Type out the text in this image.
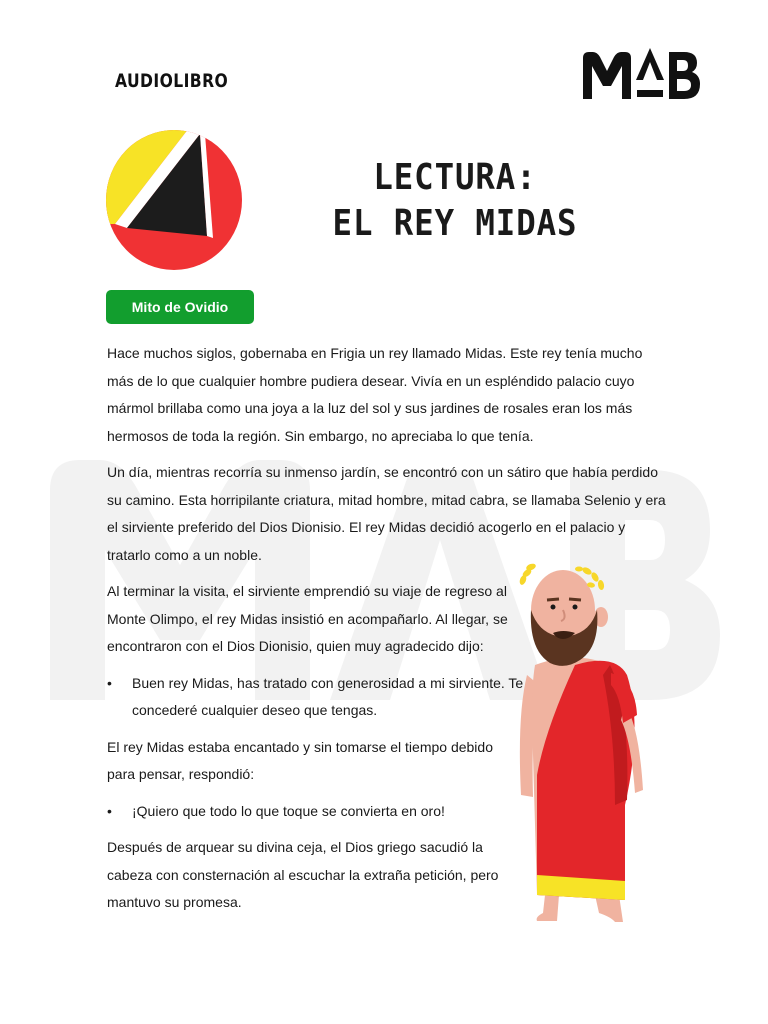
AUDIOLIBRO
LECTURA:
EL REY MIDAS
Mito de Ovidio

Hace muchos siglos, gobernaba en Frigia un rey llamado Midas. Este rey tenía mucho más de lo que cualquier hombre pudiera desear. Vivía en un espléndido palacio cuyo mármol brillaba como una joya a la luz del sol y sus jardines de rosales eran los más hermosos de toda la región. Sin embargo, no apreciaba lo que tenía.

Un día, mientras recorría su inmenso jardín, se encontró con un sátiro que había perdido su camino. Esta horripilante criatura, mitad hombre, mitad cabra, se llamaba Selenio y era el sirviente preferido del Dios Dionisio. El rey Midas decidió acogerlo en el palacio y tratarlo como a un noble.

Al terminar la visita, el sirviente emprendió su viaje de regreso al Monte Olimpo, el rey Midas insistió en acompañarlo. Al llegar, se encontraron con el Dios Dionisio, quien muy agradecido dijo:

• Buen rey Midas, has tratado con generosidad a mi sirviente. Te concederé cualquier deseo que tengas.

El rey Midas estaba encantado y sin tomarse el tiempo debido para pensar, respondió:

• ¡Quiero que todo lo que toque se convierta en oro!

Después de arquear su divina ceja, el Dios griego sacudió la cabeza con consternación al escuchar la extraña petición, pero mantuvo su promesa.
